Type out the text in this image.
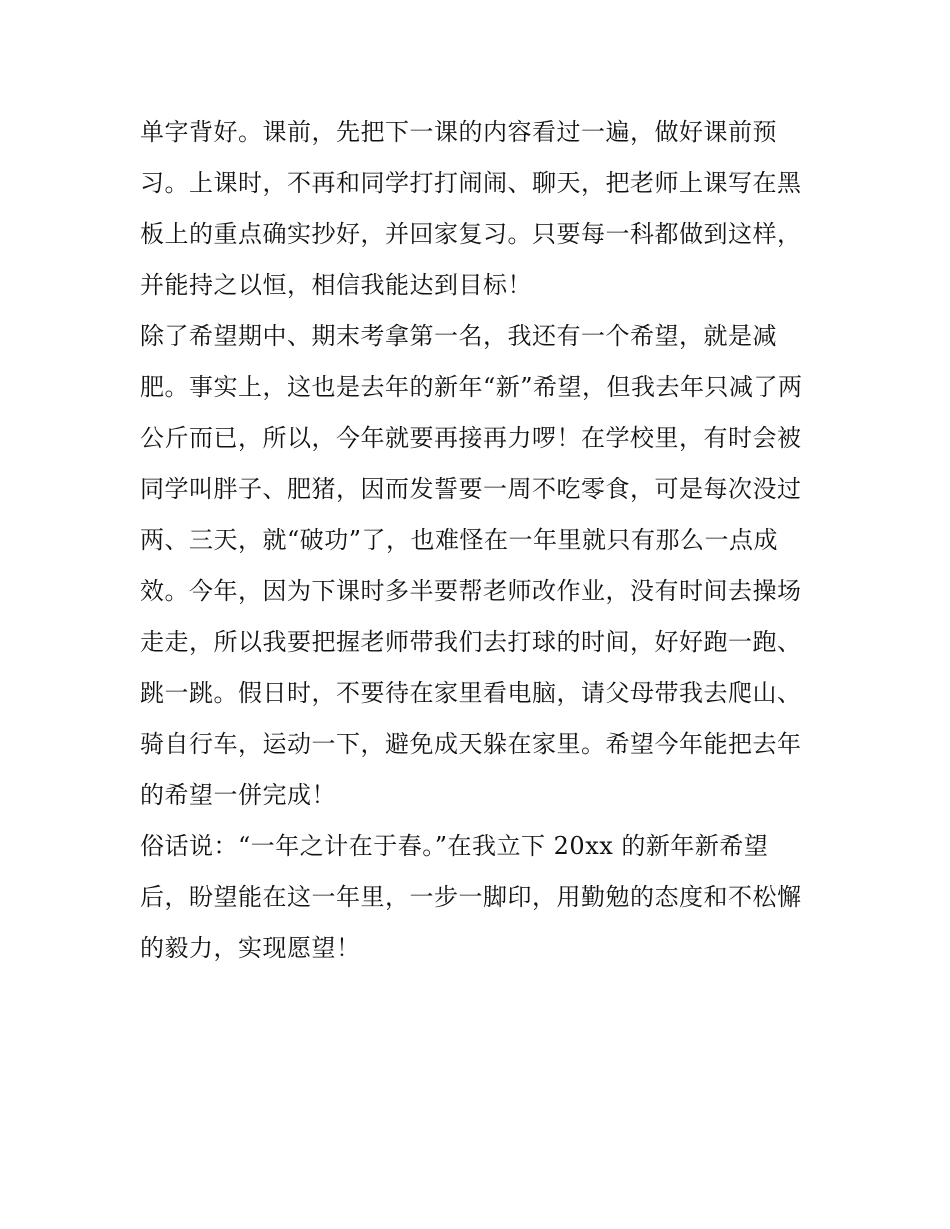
单字背好。课前，先把下一课的内容看过一遍，做好课前预
习。上课时，不再和同学打打闹闹、聊天，把老师上课写在黑
板上的重点确实抄好，并回家复习。只要每一科都做到这样，
并能持之以恒，相信我能达到目标！
除了希望期中、期末考拿第一名，我还有一个希望，就是减
肥。事实上，这也是去年的新年“新”希望，但我去年只减了两
公斤而已，所以，今年就要再接再力啰！在学校里，有时会被
同学叫胖子、肥猪，因而发誓要一周不吃零食，可是每次没过
两、三天，就“破功”了，也难怪在一年里就只有那么一点成
效。今年，因为下课时多半要帮老师改作业，没有时间去操场
走走，所以我要把握老师带我们去打球的时间，好好跑一跑、
跳一跳。假日时，不要待在家里看电脑，请父母带我去爬山、
骑自行车，运动一下，避免成天躲在家里。希望今年能把去年
的希望一併完成！
俗话说：“一年之计在于春。”在我立下 20xx 的新年新希望
后，盼望能在这一年里，一步一脚印，用勤勉的态度和不松懈
的毅力，实现愿望！
